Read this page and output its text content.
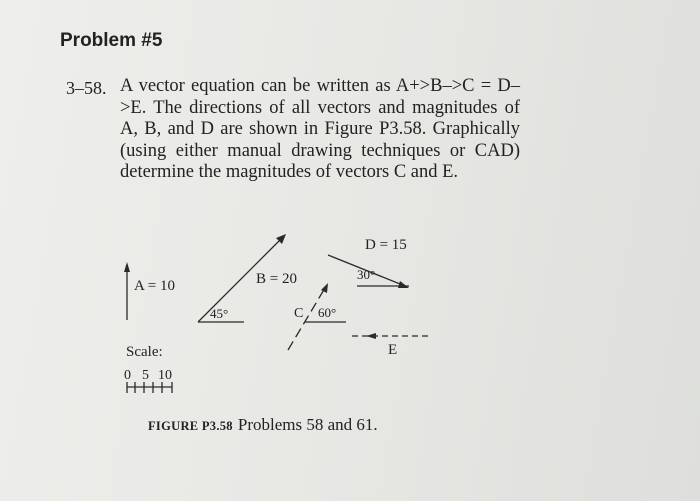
Problem #5
3–58. A vector equation can be written as A+>B–>C = D–>E. The directions of all vectors and magnitudes of A, B, and D are shown in Figure P3.58. Graphically (using either manual drawing techniques or CAD) determine the magnitudes of vectors C and E.
A = 10	B = 20
45°	C 60°
D = 15
30°
E
Scale:
0 5 10
FIGURE P3.58 Problems 58 and 61.
